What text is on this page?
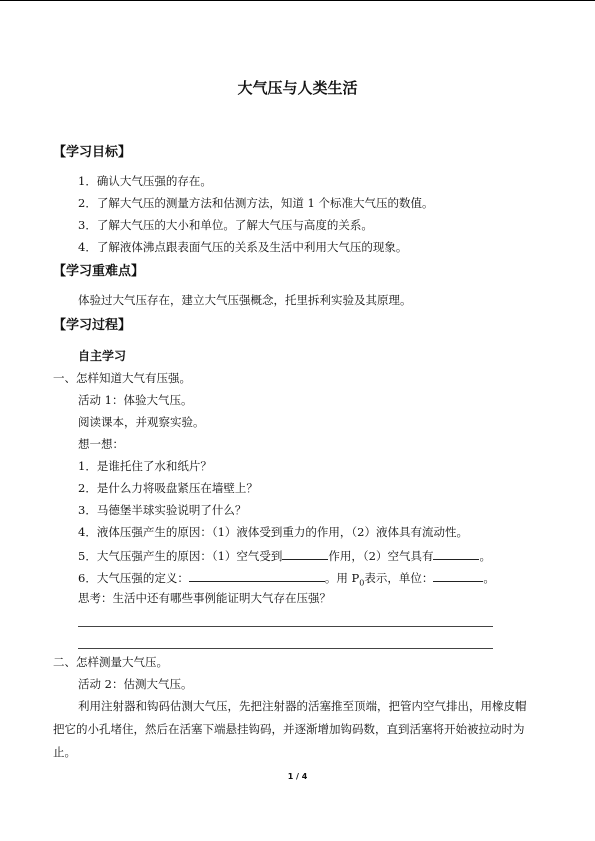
大气压与人类生活
【学习目标】
1．确认大气压强的存在。
2．了解大气压的测量方法和估测方法，知道 1 个标准大气压的数值。
3．了解大气压的大小和单位。了解大气压与高度的关系。
4．了解液体沸点跟表面气压的关系及生活中利用大气压的现象。
【学习重难点】
体验过大气压存在，建立大气压强概念，托里拆利实验及其原理。
【学习过程】
自主学习
一、怎样知道大气有压强。
活动 1：体验大气压。
阅读课本，并观察实验。
想一想：
1．是谁托住了水和纸片？
2．是什么力将吸盘紧压在墙壁上？
3．马德堡半球实验说明了什么？
4．液体压强产生的原因：（1）液体受到重力的作用，（2）液体具有流动性。
5．大气压强产生的原因：（1）空气受到	作用，（2）空气具有	。
6．大气压强的定义：	。用 $P_0$表示，单位：	。
思考：生活中还有哪些事例能证明大气存在压强？
二、怎样测量大气压。
活动 2：估测大气压。
利用注射器和钩码估测大气压，先把注射器的活塞推至顶端，把管内空气排出，用橡皮帽把它的小孔堵住，然后在活塞下端悬挂钩码，并逐渐增加钩码数，直到活塞将开始被拉动时为止。
1 / 4
